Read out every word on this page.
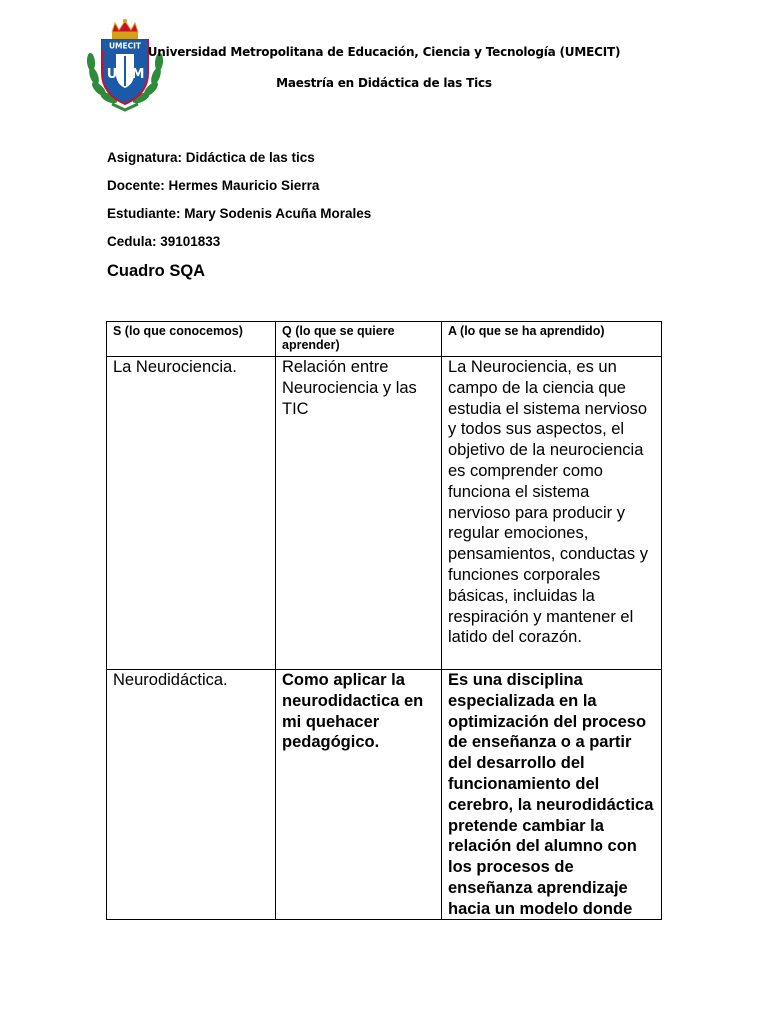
UMECIT
U M
Universidad Metropolitana de Educación, Ciencia y Tecnología (UMECIT)
Maestría en Didáctica de las Tics
Asignatura: Didáctica de las tics
Docente: Hermes Mauricio Sierra
Estudiante: Mary Sodenis Acuña Morales
Cedula: 39101833
Cuadro SQA
S (lo que conocemos)	Q (lo que se quiere aprender)	A (lo que se ha aprendido)
La Neurociencia.	Relación entre Neurociencia y las TIC	La Neurociencia, es un campo de la ciencia que estudia el sistema nervioso y todos sus aspectos, el objetivo de la neurociencia es comprender como funciona el sistema nervioso para producir y regular emociones, pensamientos, conductas y funciones corporales básicas, incluidas la respiración y mantener el latido del corazón.

Neurodidáctica.	Como aplicar la neurodidactica en mi quehacer pedagógico.	Es una disciplina especializada en la optimización del proceso de enseñanza o a partir del desarrollo del funcionamiento del cerebro, la neurodidáctica pretende cambiar la relación del alumno con los procesos de enseñanza aprendizaje hacia un modelo donde
